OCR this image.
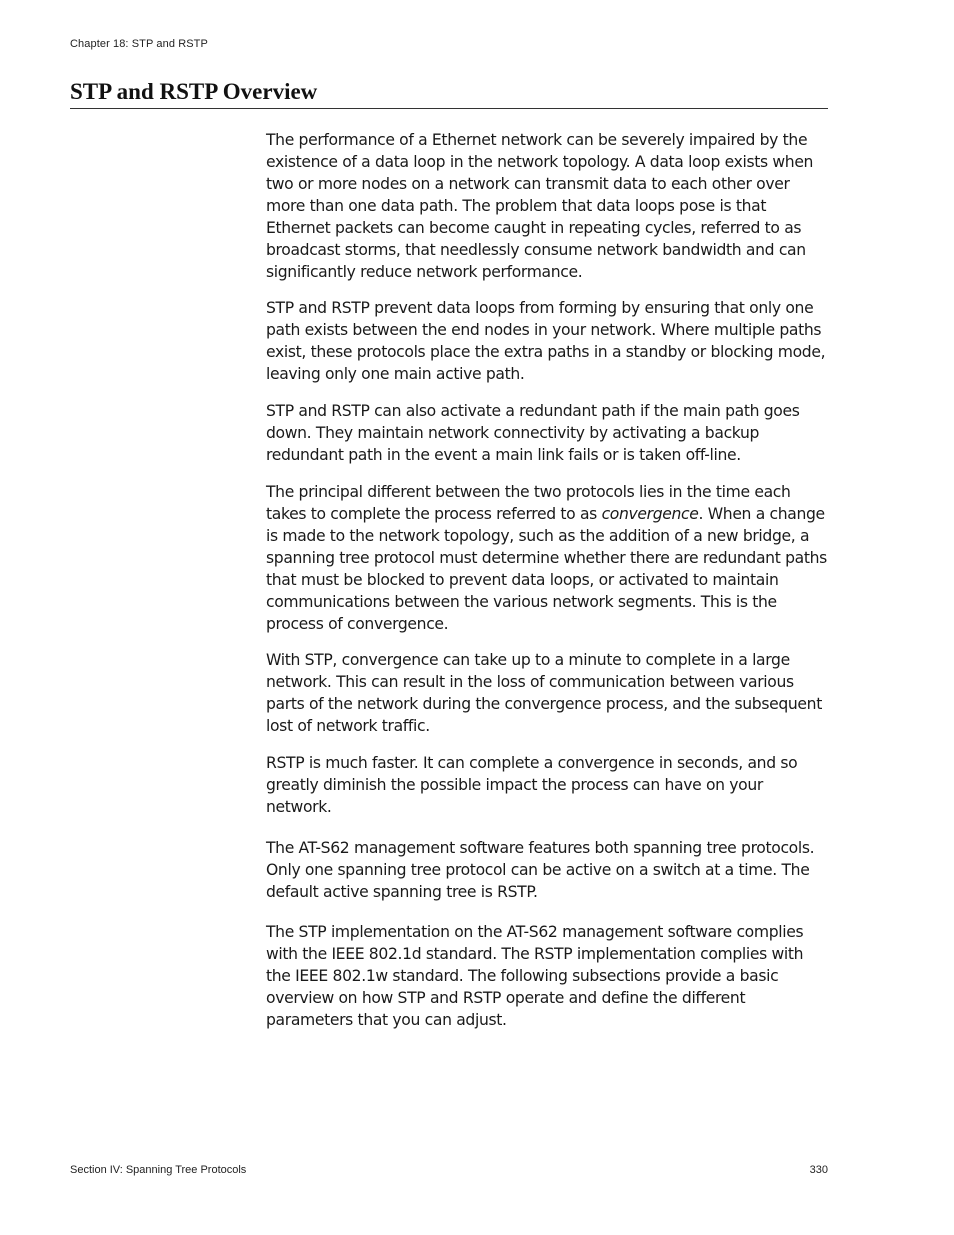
Chapter 18: STP and RSTP
STP and RSTP Overview

The performance of a Ethernet network can be severely impaired by the existence of a data loop in the network topology. A data loop exists when two or more nodes on a network can transmit data to each other over more than one data path. The problem that data loops pose is that Ethernet packets can become caught in repeating cycles, referred to as broadcast storms, that needlessly consume network bandwidth and can significantly reduce network performance.

STP and RSTP prevent data loops from forming by ensuring that only one path exists between the end nodes in your network. Where multiple paths exist, these protocols place the extra paths in a standby or blocking mode, leaving only one main active path.

STP and RSTP can also activate a redundant path if the main path goes down. They maintain network connectivity by activating a backup redundant path in the event a main link fails or is taken off-line.

The principal different between the two protocols lies in the time each takes to complete the process referred to as convergence. When a change is made to the network topology, such as the addition of a new bridge, a spanning tree protocol must determine whether there are redundant paths that must be blocked to prevent data loops, or activated to maintain communications between the various network segments. This is the process of convergence.

With STP, convergence can take up to a minute to complete in a large network. This can result in the loss of communication between various parts of the network during the convergence process, and the subsequent lost of network traffic.

RSTP is much faster. It can complete a convergence in seconds, and so greatly diminish the possible impact the process can have on your network.

The AT-S62 management software features both spanning tree protocols. Only one spanning tree protocol can be active on a switch at a time. The default active spanning tree is RSTP.

The STP implementation on the AT-S62 management software complies with the IEEE 802.1d standard. The RSTP implementation complies with the IEEE 802.1w standard. The following subsections provide a basic overview on how STP and RSTP operate and define the different parameters that you can adjust.

Section IV: Spanning Tree Protocols	330
